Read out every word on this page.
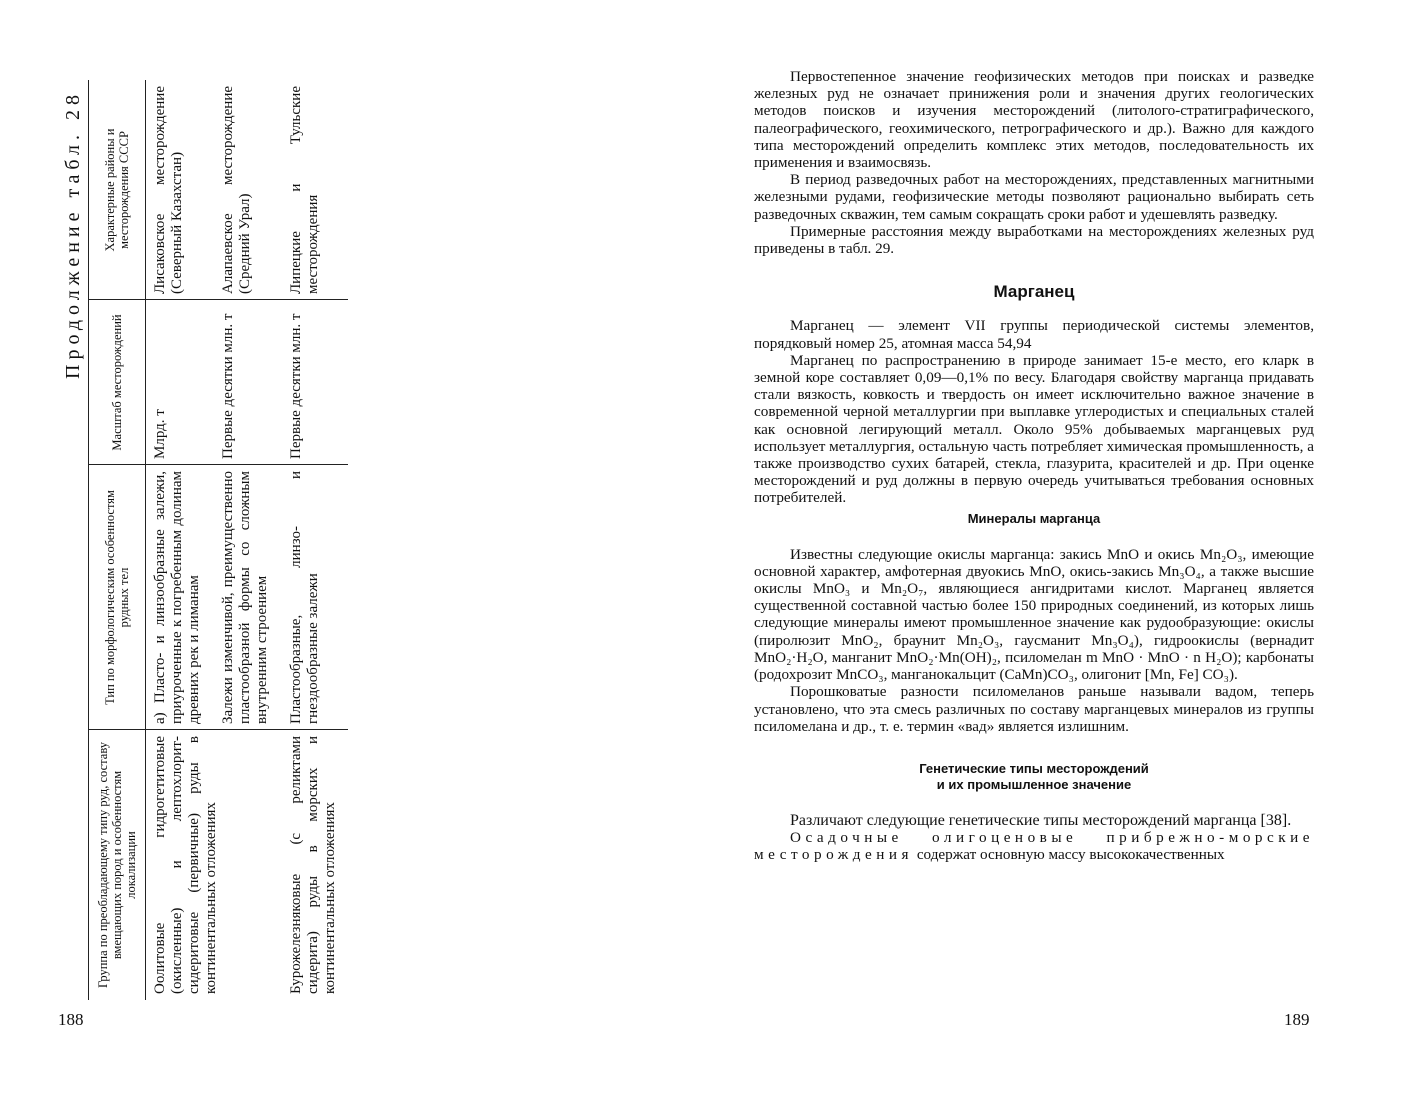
Продолжение табл. 28
Группа по преобладающему типу руд, составу вмещающих пород и особенностям локализации
Тип по морфологическим особенностям рудных тел
Масштаб месторождений
Характерные районы и месторождения СССР
Оолитовые гидрогетитовые (окисленные) и лептохлорит-сидеритовые (первичные) руды в континентальных отложениях
а) Пласто- и линзообразные залежи, приуроченные к погребенным долинам древних рек и лиманам Залежи изменчивой, преимущественно пластообразной формы со сложным внутренним строением
Млрд. т	Первые десятки млн. т
Лисаковское месторождение (Северный Казахстан) Алапаевское месторождение (Средний Урал)
Бурожелезняковые (с реликтами сидерита) руды в морских и континентальных отложениях
Пластообразные, линзо- и гнездообразные залежи
Первые десятки млн. т
Липецкие и Тульские месторождения
188

Первостепенное значение геофизических методов при поисках и разведке железных руд не означает принижения роли и значения других геологических методов поисков и изучения месторождений (литолого-стратиграфического, палеографического, геохимического, петрографического и др.). Важно для каждого типа месторождений определить комплекс этих методов, последовательность их применения и взаимосвязь.

В период разведочных работ на месторождениях, представленных магнитными железными рудами, геофизические методы позволяют рационально выбирать сеть разведочных скважин, тем самым сокращать сроки работ и удешевлять разведку.

Примерные расстояния между выработками на месторождениях железных руд приведены в табл. 29.

Марганец

Марганец — элемент VII группы периодической системы элементов, порядковый номер 25, атомная масса 54,94

Марганец по распространению в природе занимает 15-е место, его кларк в земной коре составляет 0,09—0,1% по весу. Благодаря свойству марганца придавать стали вязкость, ковкость и твердость он имеет исключительно важное значение в современной черной металлургии при выплавке углеродистых и специальных сталей как основной легирующий металл. Около 95% добываемых марганцевых руд использует металлургия, остальную часть потребляет химическая промышленность, а также производство сухих батарей, стекла, глазурита, красителей и др. При оценке месторождений и руд должны в первую очередь учитываться требования основных потребителей.

Минералы марганца

Известны следующие окислы марганца: закись MnO и окись Mn₂O₃, имеющие основной характер, амфотерная двуокись MnO, окись-закись Mn₃O₄, а также высшие окислы MnO₃ и Mn₂O₇, являющиеся ангидритами кислот. Марганец является существенной составной частью более 150 природных соединений, из которых лишь следующие минералы имеют промышленное значение как рудообразующие: окислы (пиролюзит MnO₂, браунит Mn₂O₃, гаусманит Mn₃O₄), гидроокислы (вернадит MnO₂·H₂O, манганит MnO₂·Mn(OH)₂, псиломелан m MnO · MnO · n H₂O); карбонаты (родохрозит MnCO₃, манганокальцит (CaMn)CO₃, олигонит [Mn, Fe] CO₃).

Порошковатые разности псиломеланов раньше называли вадом, теперь установлено, что эта смесь различных по составу марганцевых минералов из группы псиломелана и др., т. е. термин «вад» является излишним.

Генетические типы месторождений
и их промышленное значение

Различают следующие генетические типы месторождений марганца [38].

Осадочные олигоценовые прибрежно-морские месторождения содержат основную массу высококачественных

189
